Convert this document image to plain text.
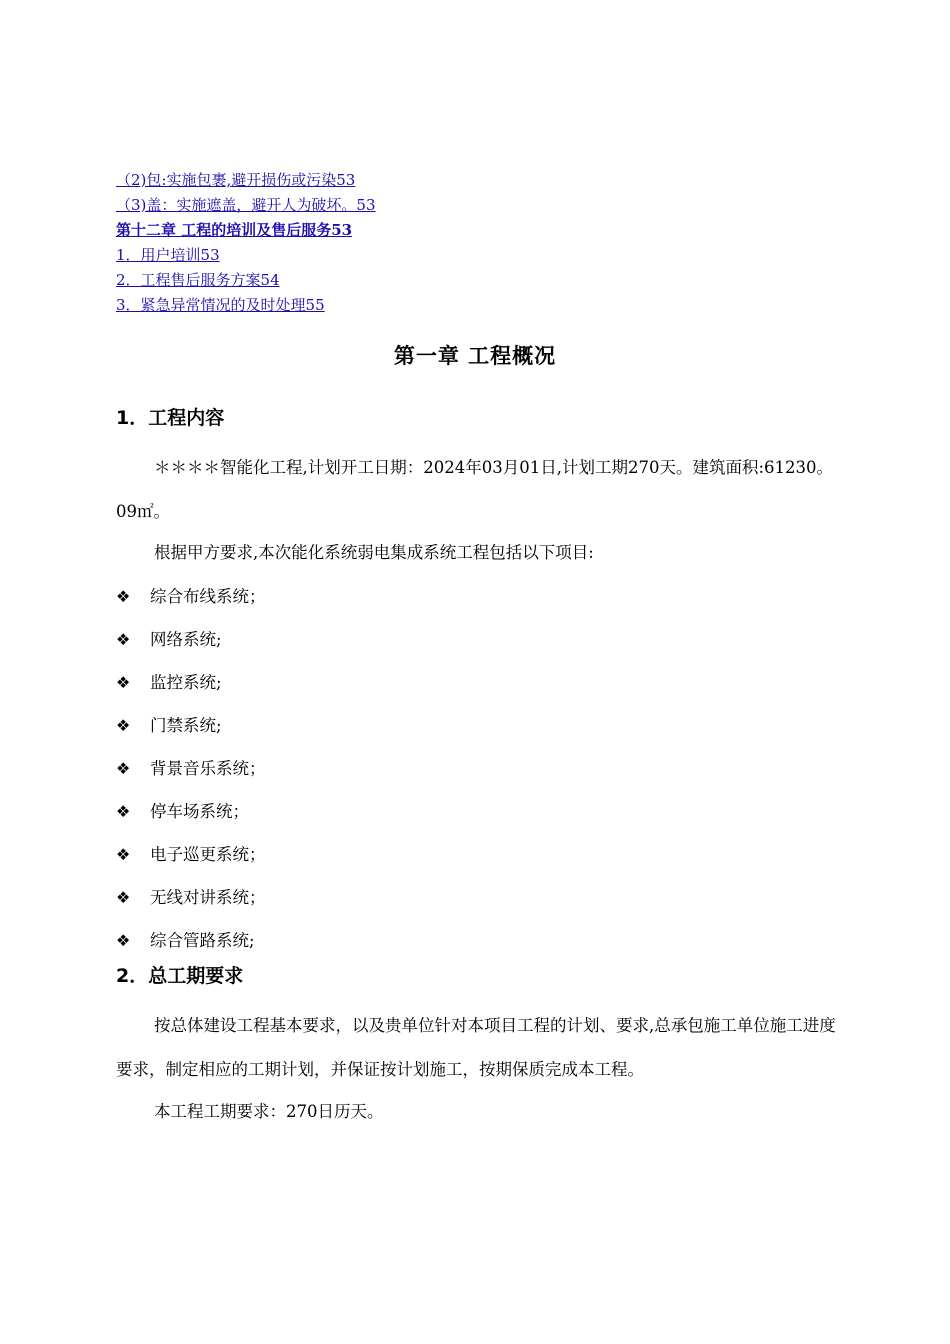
（2)包:实施包裹,避开损伤或污染53
（3)盖：实施遮盖，避开人为破坏。53
第十二章 工程的培训及售后服务53
1．用户培训53
2．工程售后服务方案54
3．紧急异常情况的及时处理55
第一章 工程概况
1．工程内容
＊＊＊＊智能化工程,计划开工日期：2024年03月01日,计划工期270天。建筑面积:61230。09㎡。
根据甲方要求,本次能化系统弱电集成系统工程包括以下项目:
❖ 综合布线系统；
❖ 网络系统;
❖ 监控系统;
❖ 门禁系统;
❖ 背景音乐系统；
❖ 停车场系统；
❖ 电子巡更系统；
❖ 无线对讲系统；
❖ 综合管路系统;
2．总工期要求
按总体建设工程基本要求，以及贵单位针对本项目工程的计划、要求,总承包施工单位施工进度要求，制定相应的工期计划，并保证按计划施工，按期保质完成本工程。
本工程工期要求：270日历天。
